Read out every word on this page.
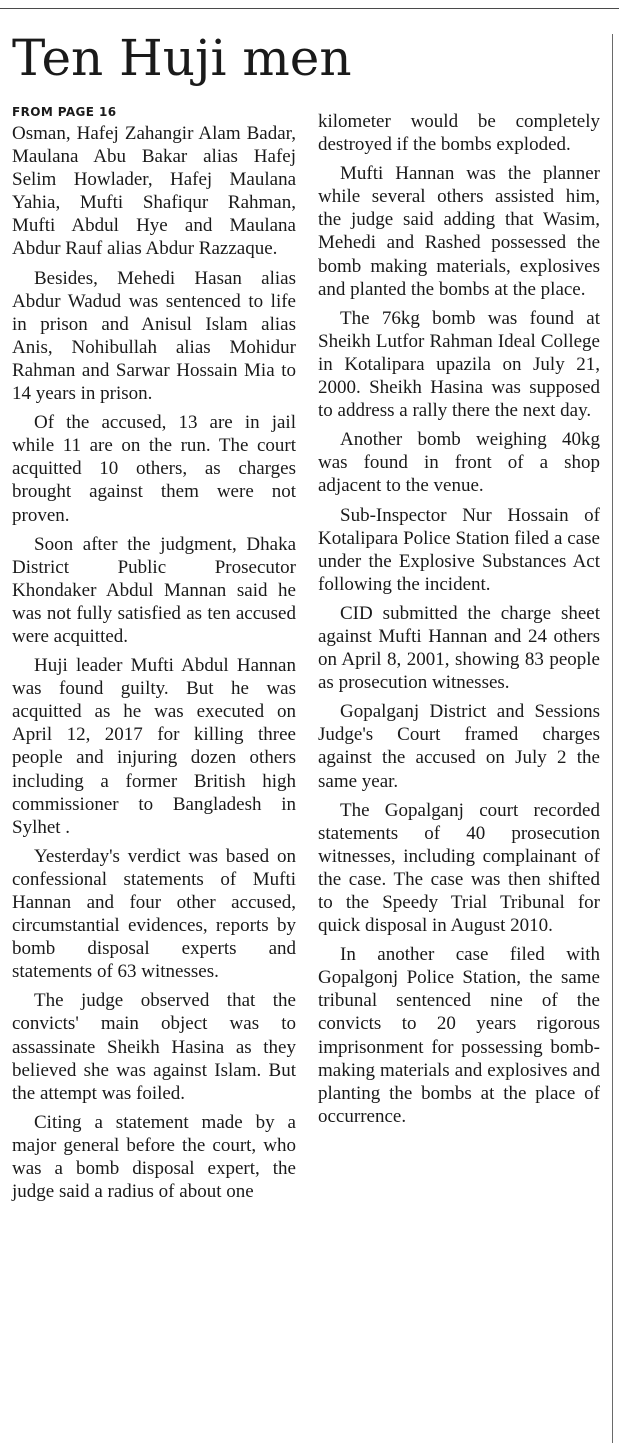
Ten Huji men
FROM PAGE 16

Osman, Hafej Zahangir Alam Badar, Maulana Abu Bakar alias Hafej Selim Howlader, Hafej Maulana Yahia, Mufti Shafiqur Rahman, Mufti Abdul Hye and Maulana Abdur Rauf alias Abdur Razzaque.

Besides, Mehedi Hasan alias Abdur Wadud was sentenced to life in prison and Anisul Islam alias Anis, Nohibullah alias Mohidur Rahman and Sarwar Hossain Mia to 14 years in prison.

Of the accused, 13 are in jail while 11 are on the run. The court acquitted 10 others, as charges brought against them were not proven.

Soon after the judgment, Dhaka District Public Prosecutor Khondaker Abdul Mannan said he was not fully satisfied as ten accused were acquitted.

Huji leader Mufti Abdul Hannan was found guilty. But he was acquitted as he was executed on April 12, 2017 for killing three people and injuring dozen others including a former British high commissioner to Bangladesh in Sylhet .

Yesterday's verdict was based on confessional statements of Mufti Hannan and four other accused, circumstantial evidences, reports by bomb disposal experts and statements of 63 witnesses.

The judge observed that the convicts' main object was to assassinate Sheikh Hasina as they believed she was against Islam. But the attempt was foiled.

Citing a statement made by a major general before the court, who was a bomb disposal expert, the judge said a radius of about one

kilometer would be completely destroyed if the bombs exploded.

Mufti Hannan was the planner while several others assisted him, the judge said adding that Wasim, Mehedi and Rashed possessed the bomb making materials, explosives and planted the bombs at the place.

The 76kg bomb was found at Sheikh Lutfor Rahman Ideal College in Kotalipara upazila on July 21, 2000. Sheikh Hasina was supposed to address a rally there the next day.

Another bomb weighing 40kg was found in front of a shop adjacent to the venue.

Sub-Inspector Nur Hossain of Kotalipara Police Station filed a case under the Explosive Substances Act following the incident.

CID submitted the charge sheet against Mufti Hannan and 24 others on April 8, 2001, showing 83 people as prosecution witnesses.

Gopalganj District and Sessions Judge's Court framed charges against the accused on July 2 the same year.

The Gopalganj court recorded statements of 40 prosecution witnesses, including complainant of the case. The case was then shifted to the Speedy Trial Tribunal for quick disposal in August 2010.

In another case filed with Gopalgonj Police Station, the same tribunal sentenced nine of the convicts to 20 years rigorous imprisonment for possessing bomb-making materials and explosives and planting the bombs at the place of occurrence.
